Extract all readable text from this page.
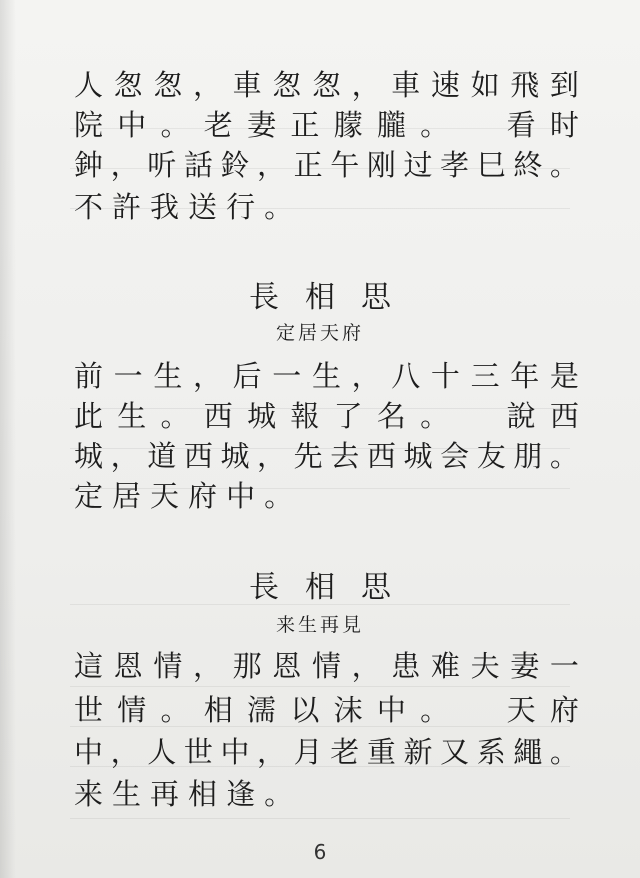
人 怱 怱 ， 車 怱 怱 ， 車 速 如 飛 到
院 中 。 老 妻 正 朦 朧 。
　 看 时
鈡 ， 听 話 鈴 ， 正 午 刚 过 孝 巳 終 。
不 許 我 送 行 。
長相思
定居天府
前 一 生 ， 后 一 生 ， 八 十 三 年 是
此 生 。 西 城 報 了 名 。
　 說 西
城 ， 道 西 城 ， 先 去 西 城 会 友 朋 。
定 居 天 府 中 。
長相思
来生再見
這 恩 情 ， 那 恩 情 ， 患 难 夫 妻 一
世 情 。 相 濡 以 沫 中 。
　 天 府
中 ， 人 世 中 ， 月 老 重 新 又 系 繩 。
来 生 再 相 逢 。
6
